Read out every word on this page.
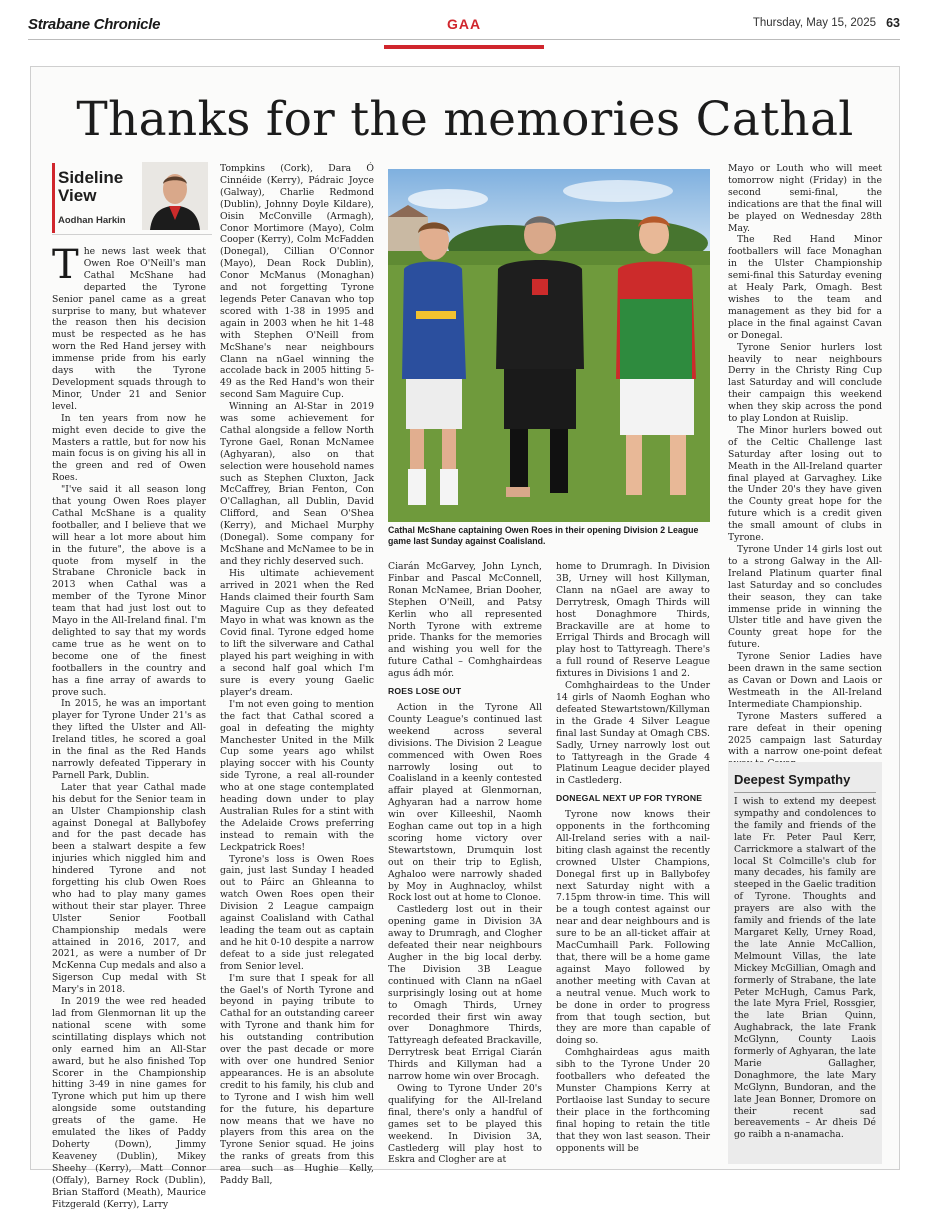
Strabane Chronicle	GAA	Thursday, May 15, 2025 63
Thanks for the memories Cathal
Sideline View
Aodhan Harkin

The news last week that Owen Roe O'Neill's man Cathal McShane had departed the Tyrone Senior panel came as a great surprise to many, but whatever the reason then his decision must be respected as he has worn the Red Hand jersey with immense pride from his early days with the Tyrone Development squads through to Minor, Under 21 and Senior level.

In ten years from now he might even decide to give the Masters a rattle, but for now his main focus is on giving his all in the green and red of Owen Roes.

"I've said it all season long that young Owen Roes player Cathal McShane is a quality footballer, and I believe that we will hear a lot more about him in the future", the above is a quote from myself in the Strabane Chronicle back in 2013 when Cathal was a member of the Tyrone Minor team that had just lost out to Mayo in the All-Ireland final. I'm delighted to say that my words came true as he went on to become one of the finest footballers in the country and has a fine array of awards to prove such.

In 2015, he was an important player for Tyrone Under 21's as they lifted the Ulster and All-Ireland titles, he scored a goal in the final as the Red Hands narrowly defeated Tipperary in Parnell Park, Dublin.

Later that year Cathal made his debut for the Senior team in an Ulster Championship clash against Donegal at Ballybofey and for the past decade has been a stalwart despite a few injuries which niggled him and hindered Tyrone and not forgetting his club Owen Roes who had to play many games without their star player. Three Ulster Senior Football Championship medals were attained in 2016, 2017, and 2021, as were a number of Dr McKenna Cup medals and also a Sigerson Cup medal with St Mary's in 2018.

In 2019 the wee red headed lad from Glenmornan lit up the national scene with some scintillating displays which not only earned him an All-Star award, but he also finished Top Scorer in the Championship hitting 3-49 in nine games for Tyrone which put him up there alongside some outstanding greats of the game. He emulated the likes of Paddy Doherty (Down), Jimmy Keaveney (Dublin), Mikey Sheehy (Kerry), Matt Connor (Offaly), Barney Rock (Dublin), Brian Stafford (Meath), Maurice Fitzgerald (Kerry), Larry

Tompkins (Cork), Dara Ó Cinnéide (Kerry), Pádraic Joyce (Galway), Charlie Redmond (Dublin), Johnny Doyle Kildare), Oisin McConville (Armagh), Conor Mortimore (Mayo), Colm Cooper (Kerry), Colm McFadden (Donegal), Cillian O'Connor (Mayo), Dean Rock Dublin), Conor McManus (Monaghan) and not forgetting Tyrone legends Peter Canavan who top scored with 1-38 in 1995 and again in 2003 when he hit 1-48 with Stephen O'Neill from McShane's near neighbours Clann na nGael winning the accolade back in 2005 hitting 5-49 as the Red Hand's won their second Sam Maguire Cup.

Winning an Al-Star in 2019 was some achievement for Cathal alongside a fellow North Tyrone Gael, Ronan McNamee (Aghyaran), also on that selection were household names such as Stephen Cluxton, Jack McCaffrey, Brian Fenton, Con O'Callaghan, all Dublin, David Clifford, and Sean O'Shea (Kerry), and Michael Murphy (Donegal). Some company for McShane and McNamee to be in and they richly deserved such.

His ultimate achievement arrived in 2021 when the Red Hands claimed their fourth Sam Maguire Cup as they defeated Mayo in what was known as the Covid final. Tyrone edged home to lift the silverware and Cathal played his part weighing in with a second half goal which I'm sure is every young Gaelic player's dream.

I'm not even going to mention the fact that Cathal scored a goal in defeating the mighty Manchester United in the Milk Cup some years ago whilst playing soccer with his County side Tyrone, a real all-rounder who at one stage contemplated heading down under to play Australian Rules for a stint with the Adelaide Crows preferring instead to remain with the Leckpatrick Roes!

Tyrone's loss is Owen Roes gain, just last Sunday I headed out to Páirc an Ghleanna to watch Owen Roes open their Division 2 League campaign against Coalisland with Cathal leading the team out as captain and he hit 0-10 despite a narrow defeat to a side just relegated from Senior level.

I'm sure that I speak for all the Gael's of North Tyrone and beyond in paying tribute to Cathal for an outstanding career with Tyrone and thank him for his outstanding contribution over the past decade or more with over one hundred Senior appearances. He is an absolute credit to his family, his club and to Tyrone and I wish him well for the future, his departure now means that we have no players from this area on the Tyrone Senior squad. He joins the ranks of greats from this area such as Hughie Kelly, Paddy Ball,

Ciarán McGarvey, John Lynch, Finbar and Pascal McConnell, Ronan McNamee, Brian Dooher, Stephen O'Neill, and Patsy Kerlin who all represented North Tyrone with extreme pride. Thanks for the memories and wishing you well for the future Cathal – Comhghairdeas agus ádh mór.

ROES LOSE OUT

Action in the Tyrone All County League's continued last weekend across several divisions. The Division 2 League commenced with Owen Roes narrowly losing out to Coalisland in a keenly contested affair played at Glenmornan, Aghyaran had a narrow home win over Killeeshil, Naomh Eoghan came out top in a high scoring home victory over Stewartstown, Drumquin lost out on their trip to Eglish, Aghaloo were narrowly shaded by Moy in Aughnacloy, whilst Rock lost out at home to Clonoe.

Castlederg lost out in their opening game in Division 3A away to Drumragh, and Clogher defeated their near neighbours Augher in the big local derby. The Division 3B League continued with Clann na nGael surprisingly losing out at home to Omagh Thirds, Urney recorded their first win away over Donaghmore Thirds, Tattyreagh defeated Brackaville, Derrytresk beat Errigal Ciarán Thirds and Killyman had a narrow home win over Brocagh.

Owing to Tyrone Under 20's qualifying for the All-Ireland final, there's only a handful of games set to be played this weekend. In Division 3A, Castlederg will play host to Eskra and Clogher are at

home to Drumragh. In Division 3B, Urney will host Killyman, Clann na nGael are away to Derrytresk, Omagh Thirds will host Donaghmore Thirds, Brackaville are at home to Errigal Thirds and Brocagh will play host to Tattyreagh. There's a full round of Reserve League fixtures in Divisions 1 and 2.

Comhghairdeas to the Under 14 girls of Naomh Eoghan who defeated Stewartstown/Killyman in the Grade 4 Silver League final last Sunday at Omagh CBS. Sadly, Urney narrowly lost out to Tattyreagh in the Grade 4 Platinum League decider played in Castlederg.

DONEGAL NEXT UP FOR TYRONE

Tyrone now knows their opponents in the forthcoming All-Ireland series with a nail-biting clash against the recently crowned Ulster Champions, Donegal first up in Ballybofey next Saturday night with a 7.15pm throw-in time. This will be a tough contest against our near and dear neighbours and is sure to be an all-ticket affair at MacCumhaill Park. Following that, there will be a home game against Mayo followed by another meeting with Cavan at a neutral venue. Much work to be done in order to progress from that tough section, but they are more than capable of doing so.

Comhghairdeas agus maith sibh to the Tyrone Under 20 footballers who defeated the Munster Champions Kerry at Portlaoise last Sunday to secure their place in the forthcoming final hoping to retain the title that they won last season. Their opponents will be

Mayo or Louth who will meet tomorrow night (Friday) in the second semi-final, the indications are that the final will be played on Wednesday 28th May.

The Red Hand Minor footballers will face Monaghan in the Ulster Championship semi-final this Saturday evening at Healy Park, Omagh. Best wishes to the team and management as they bid for a place in the final against Cavan or Donegal.

Tyrone Senior hurlers lost heavily to near neighbours Derry in the Christy Ring Cup last Saturday and will conclude their campaign this weekend when they skip across the pond to play London at Ruislip.

The Minor hurlers bowed out of the Celtic Challenge last Saturday after losing out to Meath in the All-Ireland quarter final played at Garvaghey. Like the Under 20's they have given the County great hope for the future which is a credit given the small amount of clubs in Tyrone.

Tyrone Under 14 girls lost out to a strong Galway in the All-Ireland Platinum quarter final last Saturday and so concludes their season, they can take immense pride in winning the Ulster title and have given the County great hope for the future.

Tyrone Senior Ladies have been drawn in the same section as Cavan or Down and Laois or Westmeath in the All-Ireland Intermediate Championship.

Tyrone Masters suffered a rare defeat in their opening 2025 campaign last Saturday with a narrow one-point defeat

Cathal McShane captaining Owen Roes in their opening Division 2 League game last Sunday against Coalisland.
Deepest Sympathy
I wish to extend my deepest sympathy and condolences to the family and friends of the late Fr. Peter Paul Kerr, Carrickmore a stalwart of the local St Colmcille's club for many decades, his family are steeped in the Gaelic tradition of Tyrone. Thoughts and prayers are also with the family and friends of the late Margaret Kelly, Urney Road, the late Annie McCallion, Melmount Villas, the late Mickey McGillian, Omagh and formerly of Strabane, the late Peter McHugh, Camus Park, the late Myra Friel, Rossgier, the late Brian Quinn, Aughabrack, the late Frank McGlynn, County Laois formerly of Aghyaran, the late Marie Gallagher, Donaghmore, the late Mary McGlynn, Bundoran, and the late Jean Bonner, Dromore on their recent sad bereavements – Ar dheis Dé go raibh a n-anamacha.
